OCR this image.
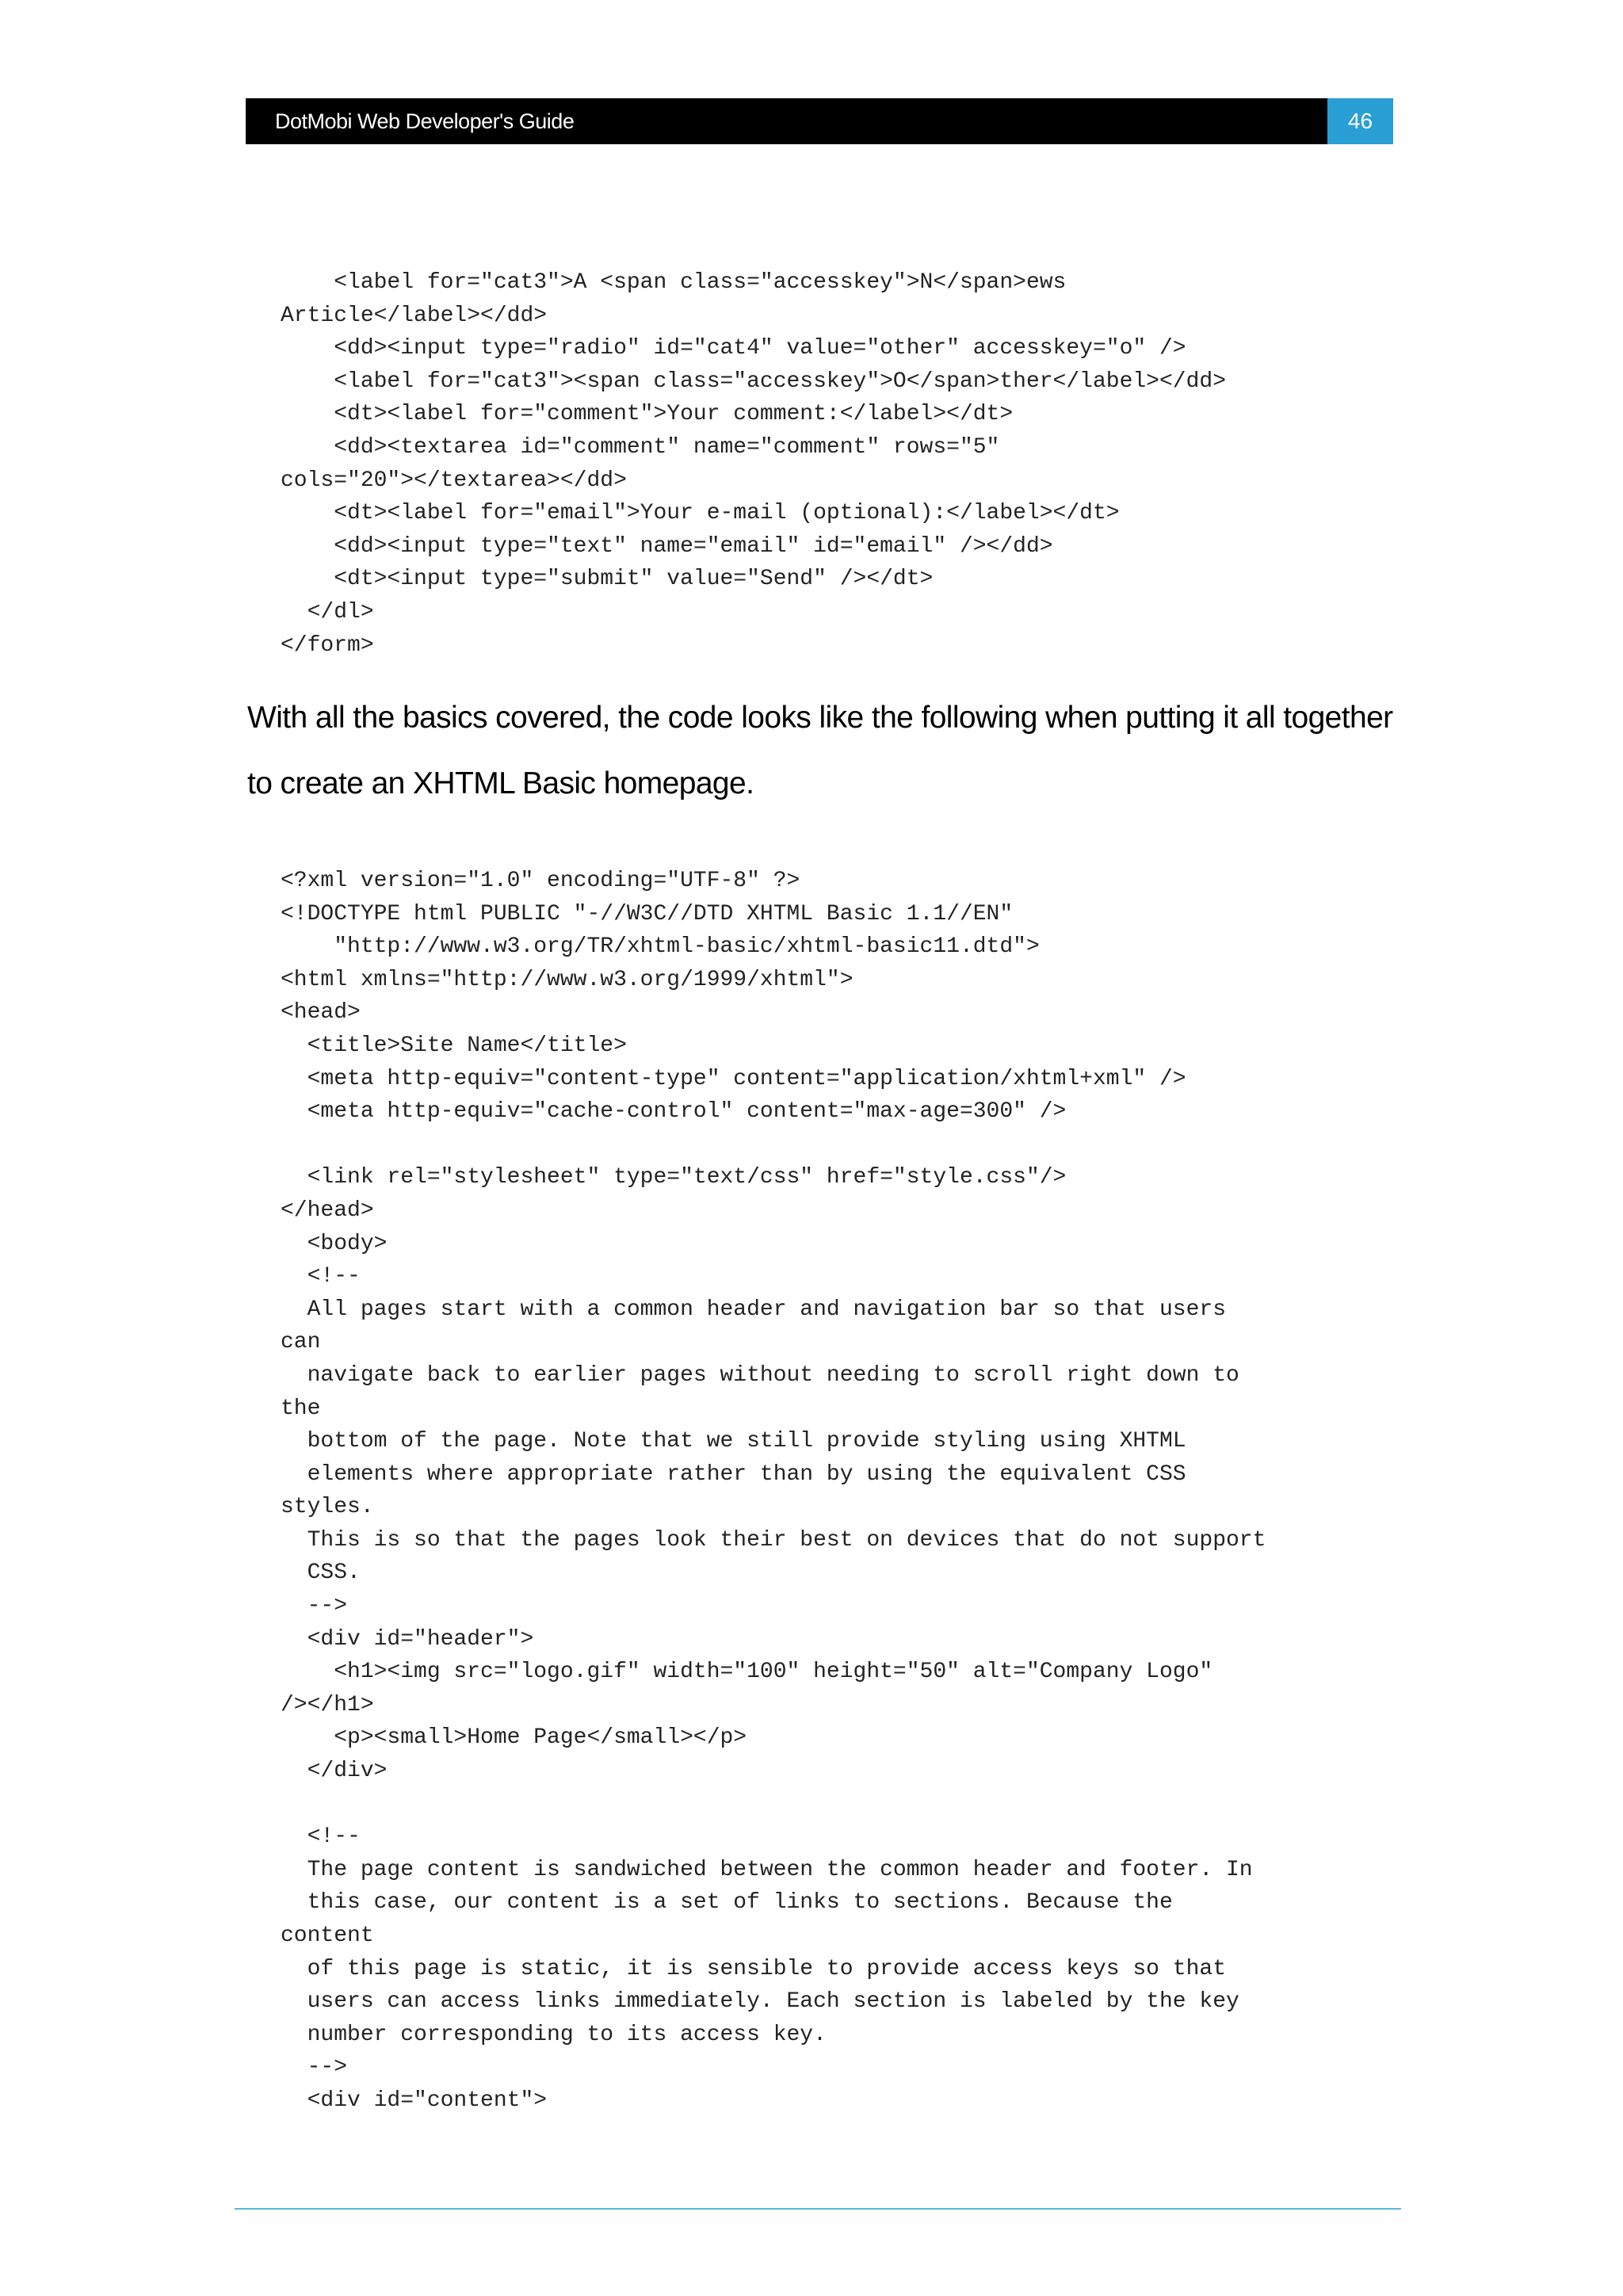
DotMobi Web Developer's Guide	46
<label for="cat3">A <span class="accesskey">N</span>ews
Article</label></dd>
<dd><input type="radio" id="cat4" value="other" accesskey="o" />
<label for="cat3"><span class="accesskey">O</span>ther</label></dd>
<dt><label for="comment">Your comment:</label></dt>
<dd><textarea id="comment" name="comment" rows="5"
cols="20"></textarea></dd>
<dt><label for="email">Your e-mail (optional):</label></dt>
<dd><input type="text" name="email" id="email" /></dd>
<dt><input type="submit" value="Send" /></dt>
</dl>
</form>

With all the basics covered, the code looks like the following when putting it all together to create an XHTML Basic homepage.

<?xml version="1.0" encoding="UTF-8" ?>
<!DOCTYPE html PUBLIC "-//W3C//DTD XHTML Basic 1.1//EN"
"http://www.w3.org/TR/xhtml-basic/xhtml-basic11.dtd">
<html xmlns="http://www.w3.org/1999/xhtml">
<head>
<title>Site Name</title>
<meta http-equiv="content-type" content="application/xhtml+xml" />
<meta http-equiv="cache-control" content="max-age=300" />

<link rel="stylesheet" type="text/css" href="style.css"/>
</head>
<body>
<!--
All pages start with a common header and navigation bar so that users
can
navigate back to earlier pages without needing to scroll right down to
the
bottom of the page. Note that we still provide styling using XHTML
elements where appropriate rather than by using the equivalent CSS
styles.
This is so that the pages look their best on devices that do not support
CSS.
-->
<div id="header">
<h1><img src="logo.gif" width="100" height="50" alt="Company Logo"
/></h1>
<p><small>Home Page</small></p>
</div>

<!--
The page content is sandwiched between the common header and footer. In
this case, our content is a set of links to sections. Because the
content
of this page is static, it is sensible to provide access keys so that
users can access links immediately. Each section is labeled by the key
number corresponding to its access key.
-->
<div id="content">
